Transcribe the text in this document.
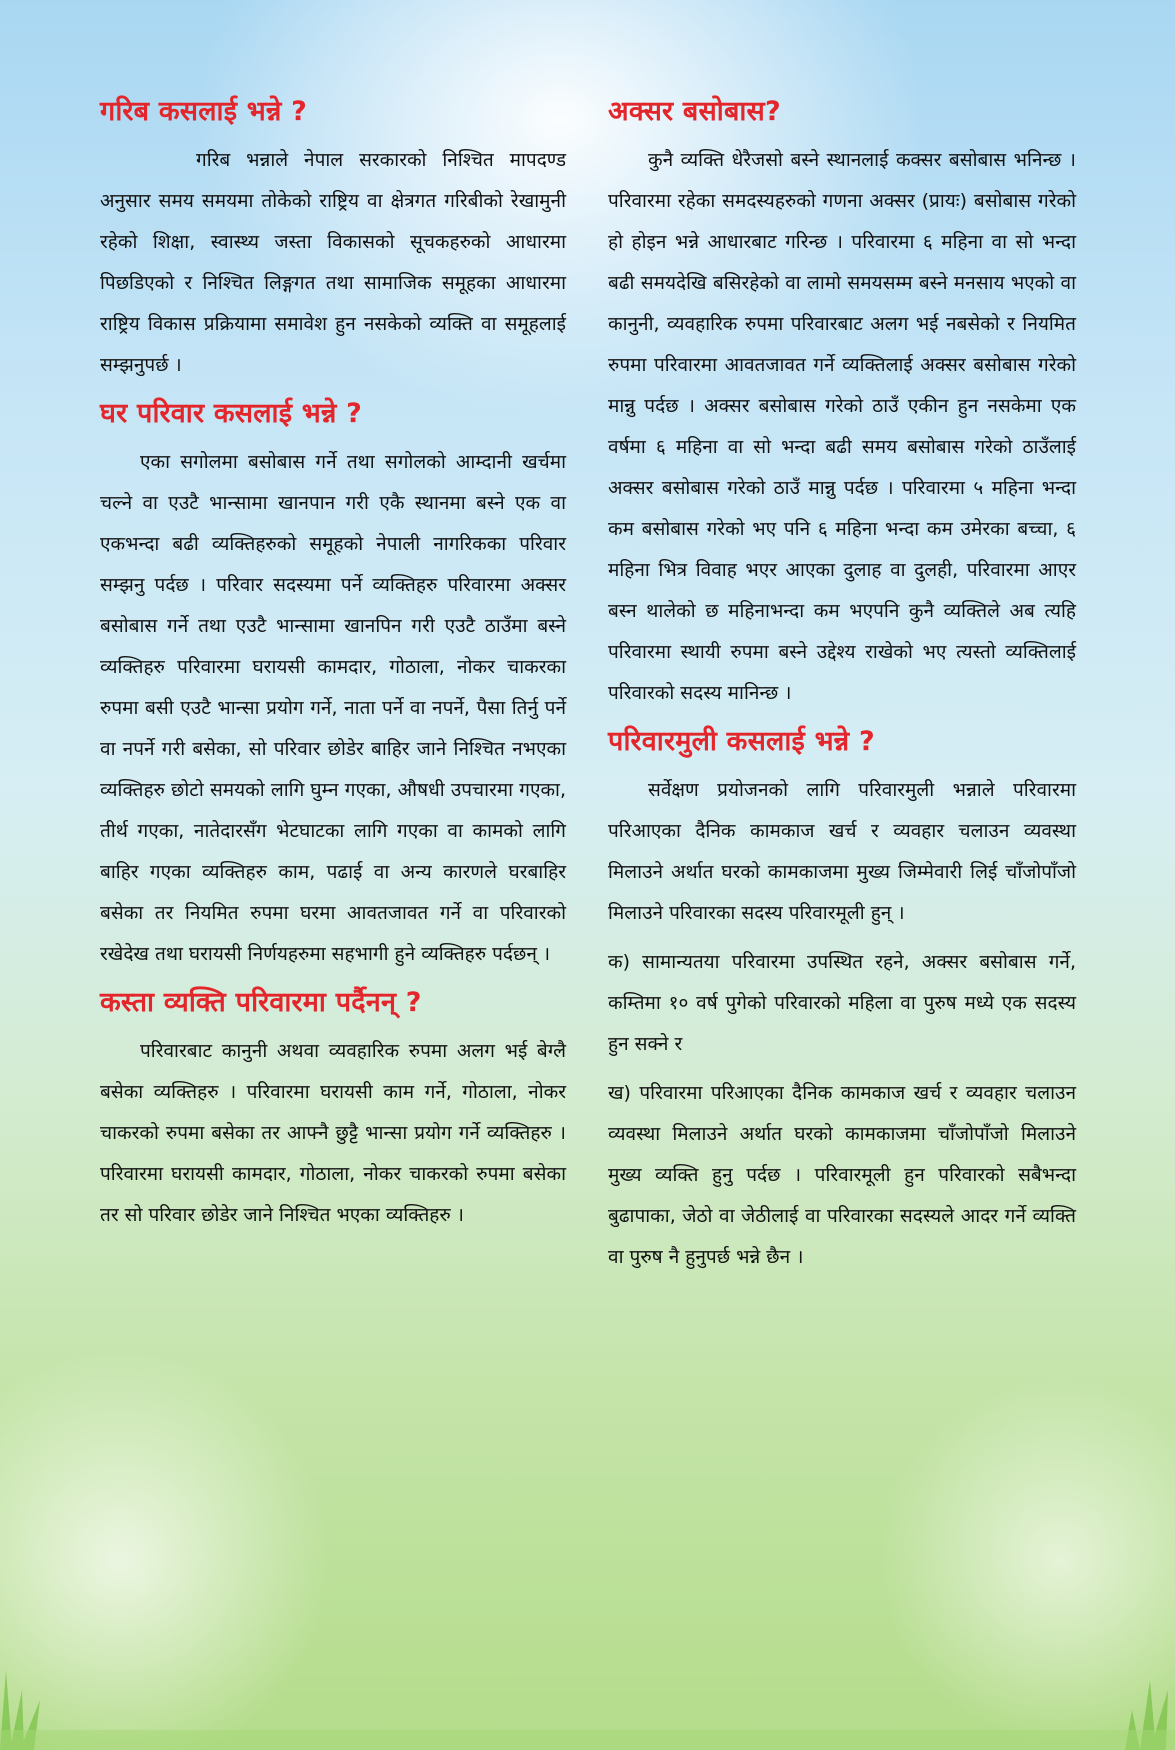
गरिब कसलाई भन्ने ?

गरिब भन्नाले नेपाल सरकारको निश्चित मापदण्ड अनुसार समय समयमा तोकेको राष्ट्रिय वा क्षेत्रगत गरिबीको रेखामुनी रहेको शिक्षा, स्वास्थ्य जस्ता विकासको सूचकहरुको आधारमा पिछडिएको र निश्चित लिङ्गगत तथा सामाजिक समूहका आधारमा राष्ट्रिय विकास प्रक्रियामा समावेश हुन नसकेको व्यक्ति वा समूहलाई सम्झनुपर्छ ।

घर परिवार कसलाई भन्ने ?

एका सगोलमा बसोबास गर्ने तथा सगोलको आम्दानी खर्चमा चल्ने वा एउटै भान्सामा खानपान गरी एकै स्थानमा बस्ने एक वा एकभन्दा बढी व्यक्तिहरुको समूहको नेपाली नागरिकका परिवार सम्झनु पर्दछ । परिवार सदस्यमा पर्ने व्यक्तिहरु परिवारमा अक्सर बसोबास गर्ने तथा एउटै भान्सामा खानपिन गरी एउटै ठाउँमा बस्ने व्यक्तिहरु परिवारमा घरायसी कामदार, गोठाला, नोकर चाकरका रुपमा बसी एउटै भान्सा प्रयोग गर्ने, नाता पर्ने वा नपर्ने, पैसा तिर्नु पर्ने वा नपर्ने गरी बसेका, सो परिवार छोडेर बाहिर जाने निश्चित नभएका व्यक्तिहरु छोटो समयको लागि घुम्न गएका, औषधी उपचारमा गएका, तीर्थ गएका, नातेदारसँग भेटघाटका लागि गएका वा कामको लागि बाहिर गएका व्यक्तिहरु काम, पढाई वा अन्य कारणले घरबाहिर बसेका तर नियमित रुपमा घरमा आवतजावत गर्ने वा परिवारको रखेदेख तथा घरायसी निर्णयहरुमा सहभागी हुने व्यक्तिहरु पर्दछन् ।

कस्ता व्यक्ति परिवारमा पर्दैनन् ?

परिवारबाट कानुनी अथवा व्यवहारिक रुपमा अलग भई बेग्लै बसेका व्यक्तिहरु । परिवारमा घरायसी काम गर्ने, गोठाला, नोकर चाकरको रुपमा बसेका तर आफ्नै छुट्टै भान्सा प्रयोग गर्ने व्यक्तिहरु । परिवारमा घरायसी कामदार, गोठाला, नोकर चाकरको रुपमा बसेका तर सो परिवार छोडेर जाने निश्चित भएका व्यक्तिहरु ।

अक्सर बसोबास?

कुनै व्यक्ति धेरैजसो बस्ने स्थानलाई कक्सर बसोबास भनिन्छ । परिवारमा रहेका समदस्यहरुको गणना अक्सर (प्रायः) बसोबास गरेको हो होइन भन्ने आधारबाट गरिन्छ । परिवारमा ६ महिना वा सो भन्दा बढी समयदेखि बसिरहेको वा लामो समयसम्म बस्ने मनसाय भएको वा कानुनी, व्यवहारिक रुपमा परिवारबाट अलग भई नबसेको र नियमित रुपमा परिवारमा आवतजावत गर्ने व्यक्तिलाई अक्सर बसोबास गरेको मान्नु पर्दछ । अक्सर बसोबास गरेको ठाउँ एकीन हुन नसकेमा एक वर्षमा ६ महिना वा सो भन्दा बढी समय बसोबास गरेको ठाउँलाई अक्सर बसोबास गरेको ठाउँ मान्नु पर्दछ । परिवारमा ५ महिना भन्दा कम बसोबास गरेको भए पनि ६ महिना भन्दा कम उमेरका बच्चा, ६ महिना भित्र विवाह भएर आएका दुलाह वा दुलही, परिवारमा आएर बस्न थालेको छ महिनाभन्दा कम भएपनि कुनै व्यक्तिले अब त्यहि परिवारमा स्थायी रुपमा बस्ने उद्देश्य राखेको भए त्यस्तो व्यक्तिलाई परिवारको सदस्य मानिन्छ ।

परिवारमुली कसलाई भन्ने ?

सर्वेक्षण प्रयोजनको लागि परिवारमुली भन्नाले परिवारमा परिआएका दैनिक कामकाज खर्च र व्यवहार चलाउन व्यवस्था मिलाउने अर्थात घरको कामकाजमा मुख्य जिम्मेवारी लिई चाँजोपाँजो मिलाउने परिवारका सदस्य परिवारमूली हुन् ।

क) सामान्यतया परिवारमा उपस्थित रहने, अक्सर बसोबास गर्ने, कम्तिमा १० वर्ष पुगेको परिवारको महिला वा पुरुष मध्ये एक सदस्य हुन सक्ने र

ख) परिवारमा परिआएका दैनिक कामकाज खर्च र व्यवहार चलाउन व्यवस्था मिलाउने अर्थात घरको कामकाजमा चाँजोपाँजो मिलाउने मुख्य व्यक्ति हुनु पर्दछ । परिवारमूली हुन परिवारको सबैभन्दा बुढापाका, जेठो वा जेठीलाई वा परिवारका सदस्यले आदर गर्ने व्यक्ति वा पुरुष नै हुनुपर्छ भन्ने छैन ।
